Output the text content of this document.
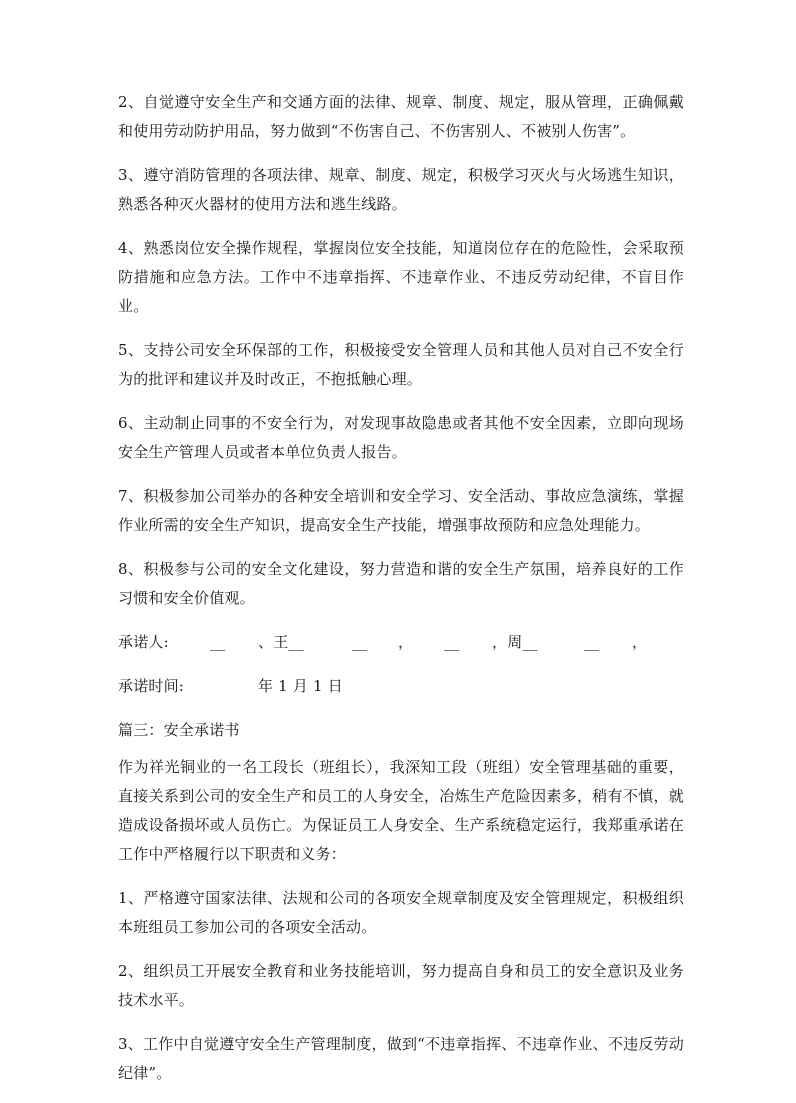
2、自觉遵守安全生产和交通方面的法律、规章、制度、规定，服从管理，正确佩戴和使用劳动防护用品，努力做到“不伤害自己、不伤害别人、不被别人伤害”。

3、遵守消防管理的各项法律、规章、制度、规定，积极学习灭火与火场逃生知识，熟悉各种灭火器材的使用方法和逃生线路。

4、熟悉岗位安全操作规程，掌握岗位安全技能，知道岗位存在的危险性，会采取预防措施和应急方法。工作中不违章指挥、不违章作业、不违反劳动纪律，不盲目作业。

5、支持公司安全环保部的工作，积极接受安全管理人员和其他人员对自己不安全行为的批评和建议并及时改正，不抱抵触心理。

6、主动制止同事的不安全行为，对发现事故隐患或者其他不安全因素，立即向现场安全生产管理人员或者本单位负责人报告。

7、积极参加公司举办的各种安全培训和安全学习、安全活动、事故应急演练，掌握作业所需的安全生产知识，提高安全生产技能，增强事故预防和应急处理能力。

8、积极参与公司的安全文化建设，努力营造和谐的安全生产氛围，培养良好的工作习惯和安全价值观。

承诺人:	__ 、王__	__ ， __ ，周__	__ ，
承诺时间:	年 1 月 1 日

篇三：安全承诺书

作为祥光铜业的一名工段长（班组长），我深知工段（班组）安全管理基础的重要，直接关系到公司的安全生产和员工的人身安全，冶炼生产危险因素多，稍有不慎，就造成设备损坏或人员伤亡。为保证员工人身安全、生产系统稳定运行，我郑重承诺在工作中严格履行以下职责和义务：

1、严格遵守国家法律、法规和公司的各项安全规章制度及安全管理规定，积极组织本班组员工参加公司的各项安全活动。

2、组织员工开展安全教育和业务技能培训，努力提高自身和员工的安全意识及业务技术水平。

3、工作中自觉遵守安全生产管理制度，做到“不违章指挥、不违章作业、不违反劳动纪律”。
